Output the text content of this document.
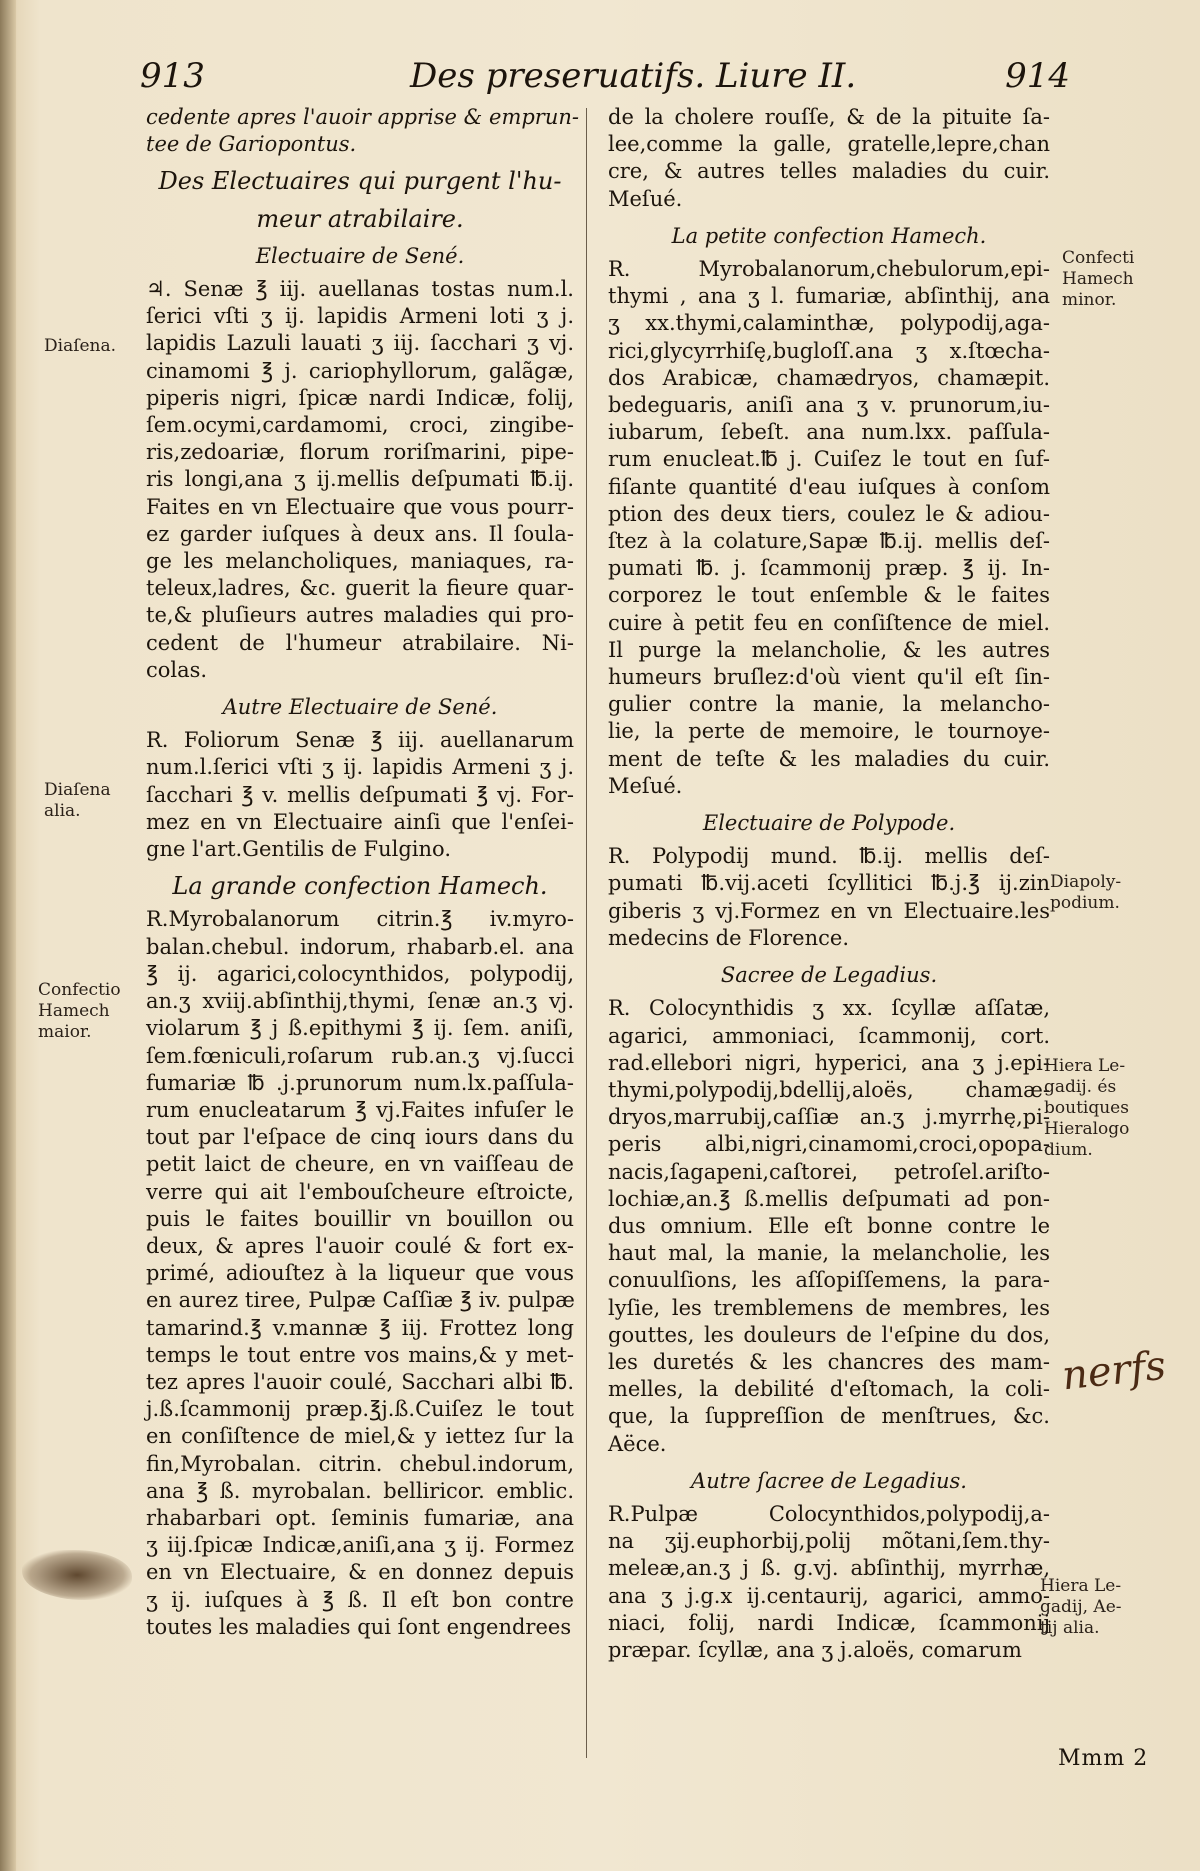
913	Des preseruatifs. Liure II.	914
cedente apres l'auoir apprise & emprun-
tee de Gariopontus.
Des Electuaires qui purgent l'hu-
meur atrabilaire.
Electuaire de Sené.
♃. Senæ ℥ iij. auellanas tostas num.l.
ſerici vſti ʒ ij. lapidis Armeni loti ʒ j.
lapidis Lazuli lauati ʒ iij. ſacchari ʒ vj.
cinamomi ℥ j. cariophyllorum, galãgæ,
piperis nigri, ſpicæ nardi Indicæ, folij,
ſem.ocymi,cardamomi, croci, zingibe-
ris,zedoariæ, florum roriſmarini, pipe-
ris longi,ana ʒ ij.mellis deſpumati ℔.ij.
Faites en vn Electuaire que vous pourr-
ez garder iuſques à deux ans. Il ſoula-
ge les melancholiques, maniaques, ra-
teleux,ladres, &c. guerit la fieure quar-
te,& pluſieurs autres maladies qui pro-
cedent de l'humeur atrabilaire. Ni-
colas.
Autre Electuaire de Sené.
R. Foliorum Senæ ℥ iij. auellanarum
num.l.ſerici vſti ʒ ij. lapidis Armeni ʒ j.
ſacchari ℥ v. mellis deſpumati ℥ vj. For-
mez en vn Electuaire ainſi que l'enſei-
gne l'art.Gentilis de Fulgino.
La grande confection Hamech.
R.Myrobalanorum citrin.℥ iv.myro-
balan.chebul. indorum, rhabarb.el. ana
℥ ij. agarici,colocynthidos, polypodij,
an.ʒ xviij.abſinthij,thymi, ſenæ an.ʒ vj.
violarum ℥ j ß.epithymi ℥ ij. ſem. aniſi,
ſem.fœniculi,roſarum rub.an.ʒ vj.ſucci
fumariæ ℔ .j.prunorum num.lx.paſſula-
rum enucleatarum ℥ vj.Faites infuſer le
tout par l'eſpace de cinq iours dans du
petit laict de cheure, en vn vaiſſeau de
verre qui ait l'embouſcheure eſtroicte,
puis le faites bouillir vn bouillon ou
deux, & apres l'auoir coulé & fort ex-
primé, adiouſtez à la liqueur que vous
en aurez tiree, Pulpæ Caſſiæ ℥ iv. pulpæ
tamarind.℥ v.mannæ ℥ iij. Frottez long
temps le tout entre vos mains,& y met-
tez apres l'auoir coulé, Sacchari albi ℔.
j.ß.ſcammonij præp.℥j.ß.Cuiſez le tout
en conſiſtence de miel,& y iettez ſur la
fin,Myrobalan. citrin. chebul.indorum,
ana ℥ ß. myrobalan. belliricor. emblic.
rhabarbari opt. ſeminis fumariæ, ana
ʒ iij.ſpicæ Indicæ,aniſi,ana ʒ ij. Formez
en vn Electuaire, & en donnez depuis
ʒ ij. iuſques à ℥ ß. Il eſt bon contre
toutes les maladies qui ſont engendrees
de la cholere rouſſe, & de la pituite ſa-
lee,comme la galle, gratelle,lepre,chan
cre, & autres telles maladies du cuir.
Meſué.
La petite confection Hamech.
R. Myrobalanorum,chebulorum,epi-
thymi , ana ʒ l. fumariæ, abſinthij, ana
ʒ xx.thymi,calaminthæ, polypodij,aga-
rici,glycyrrhiſę,bugloſſ.ana ʒ x.ſtœcha-
dos Arabicæ, chamædryos, chamæpit.
bedeguaris, aniſi ana ʒ v. prunorum,iu-
iubarum, ſebeſt. ana num.lxx. paſſula-
rum enucleat.℔ j. Cuiſez le tout en ſuf-
fiſante quantité d'eau iuſques à conſom
ption des deux tiers, coulez le & adiou-
ſtez à la colature,Sapæ ℔.ij. mellis deſ-
pumati ℔. j. ſcammonij præp. ℥ ij. In-
corporez le tout enſemble & le faites
cuire à petit feu en conſiſtence de miel.
Il purge la melancholie, & les autres
humeurs bruſlez:d'où vient qu'il eſt ſin-
gulier contre la manie, la melancho-
lie, la perte de memoire, le tournoye-
ment de teſte & les maladies du cuir.
Meſué.
Electuaire de Polypode.
R. Polypodij mund. ℔.ij. mellis deſ-
pumati ℔.vij.aceti ſcyllitici ℔.j.℥ ij.zin
giberis ʒ vj.Formez en vn Electuaire.les
medecins de Florence.
Sacree de Legadius.
R. Colocynthidis ʒ xx. ſcyllæ aſſatæ,
agarici, ammoniaci, ſcammonij, cort.
rad.ellebori nigri, hyperici, ana ʒ j.epi-
thymi,polypodij,bdellij,aloës, chamæ-
dryos,marrubij,caſſiæ an.ʒ j.myrrhę,pi-
peris albi,nigri,cinamomi,croci,opopa-
nacis,ſagapeni,caſtorei, petroſel.ariſto-
lochiæ,an.℥ ß.mellis deſpumati ad pon-
dus omnium. Elle eſt bonne contre le
haut mal, la manie, la melancholie, les
conuulſions, les aſſopiſſemens, la para-
lyſie, les tremblemens de membres, les
gouttes, les douleurs de l'eſpine du dos,
les duretés & les chancres des mam-
melles, la debilité d'eſtomach, la coli-
que, la ſuppreſſion de menſtrues, &c.
Aëce.
Autre ſacree de Legadius.
R.Pulpæ Colocynthidos,polypodij,a-
na ʒij.euphorbij,polij mõtani,ſem.thy-
meleæ,an.ʒ j ß. g.vj. abſinthij, myrrhæ,
ana ʒ j.g.x ij.centaurij, agarici, ammo-
niaci, folij, nardi Indicæ, ſcammonij
præpar. ſcyllæ, ana ʒ j.aloës, comarum
Diaſena.
Diaſena
alia.
Confectio
Hamech
maior.
Confecti
Hamech
minor.
Diapoly-
podium.
Hiera Le-
gadij. és
boutiques
Hieralogo
dium.
Hiera Le-
gadij, Ae-
tij alia.
nerfs
Mmm 2
